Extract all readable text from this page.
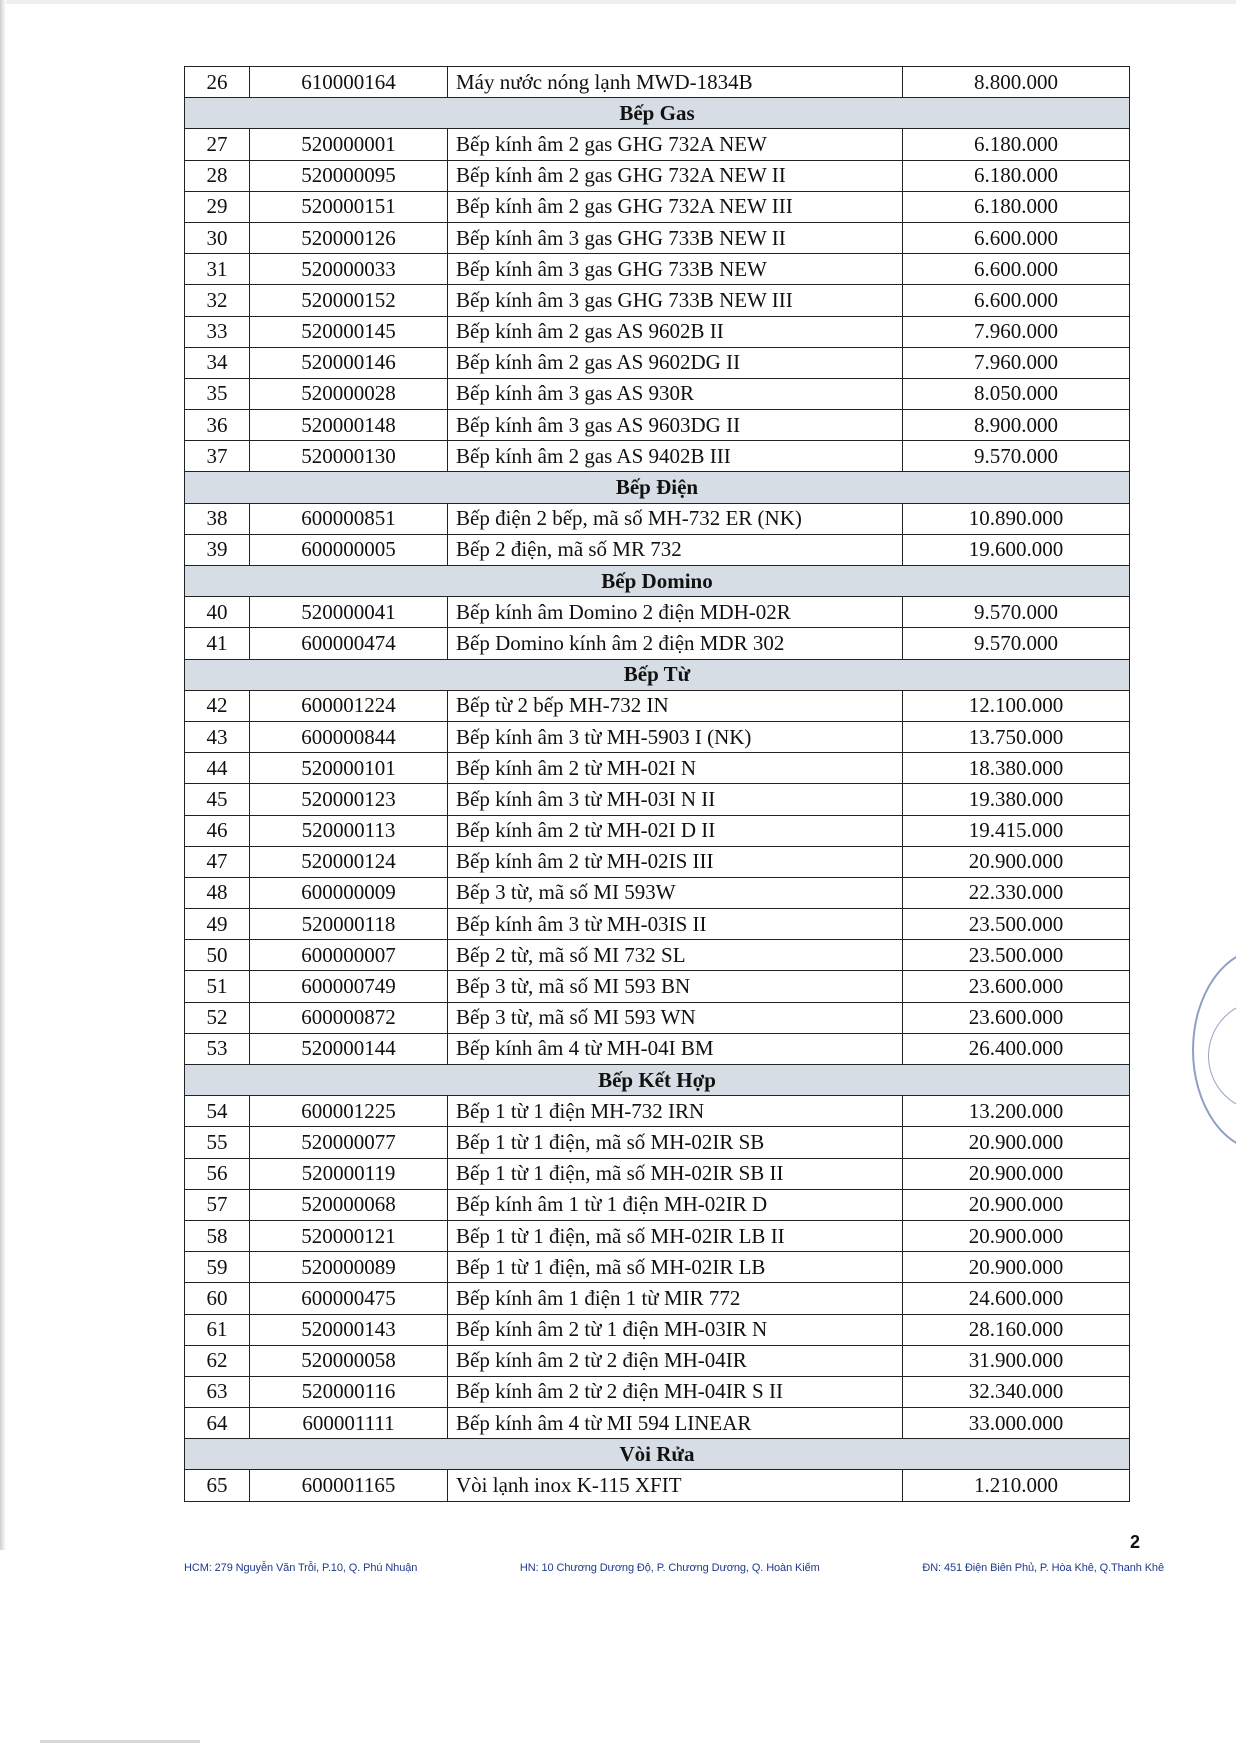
26	610000164	Máy nước nóng lạnh MWD-1834B	8.800.000
Bếp Gas			
27	520000001	Bếp kính âm 2 gas GHG 732A NEW	6.180.000
28	520000095	Bếp kính âm 2 gas GHG 732A NEW II	6.180.000
29	520000151	Bếp kính âm 2 gas GHG 732A NEW III	6.180.000
30	520000126	Bếp kính âm 3 gas GHG 733B NEW II	6.600.000
31	520000033	Bếp kính âm 3 gas GHG 733B NEW	6.600.000
32	520000152	Bếp kính âm 3 gas GHG 733B NEW III	6.600.000
33	520000145	Bếp kính âm 2 gas AS 9602B II	7.960.000
34	520000146	Bếp kính âm 2 gas AS 9602DG II	7.960.000
35	520000028	Bếp kính âm 3 gas AS 930R	8.050.000
36	520000148	Bếp kính âm 3 gas AS 9603DG II	8.900.000
37	520000130	Bếp kính âm 2 gas AS 9402B III	9.570.000
Bếp Điện			
38	600000851	Bếp điện 2 bếp, mã số MH-732 ER (NK)	10.890.000
39	600000005	Bếp 2 điện, mã số MR 732	19.600.000
Bếp Domino			
40	520000041	Bếp kính âm Domino 2 điện MDH-02R	9.570.000
41	600000474	Bếp Domino kính âm 2 điện MDR 302	9.570.000
Bếp Từ			
42	600001224	Bếp từ 2 bếp MH-732 IN	12.100.000
43	600000844	Bếp kính âm 3 từ MH-5903 I (NK)	13.750.000
44	520000101	Bếp kính âm 2 từ MH-02I N	18.380.000
45	520000123	Bếp kính âm 3 từ MH-03I N II	19.380.000
46	520000113	Bếp kính âm 2 từ MH-02I D II	19.415.000
47	520000124	Bếp kính âm 2 từ MH-02IS III	20.900.000
48	600000009	Bếp 3 từ, mã số MI 593W	22.330.000
49	520000118	Bếp kính âm 3 từ MH-03IS II	23.500.000
50	600000007	Bếp 2 từ, mã số MI 732 SL	23.500.000
51	600000749	Bếp 3 từ, mã số MI 593 BN	23.600.000
52	600000872	Bếp 3 từ, mã số MI 593 WN	23.600.000
53	520000144	Bếp kính âm 4 từ MH-04I BM	26.400.000
Bếp Kết Hợp			
54	600001225	Bếp 1 từ 1 điện MH-732 IRN	13.200.000
55	520000077	Bếp 1 từ 1 điện, mã số MH-02IR SB	20.900.000
56	520000119	Bếp 1 từ 1 điện, mã số MH-02IR SB II	20.900.000
57	520000068	Bếp kính âm 1 từ 1 điện MH-02IR D	20.900.000
58	520000121	Bếp 1 từ 1 điện, mã số MH-02IR LB II	20.900.000
59	520000089	Bếp 1 từ 1 điện, mã số MH-02IR LB	20.900.000
60	600000475	Bếp kính âm 1 điện 1 từ MIR 772	24.600.000
61	520000143	Bếp kính âm 2 từ 1 điện MH-03IR N	28.160.000
62	520000058	Bếp kính âm 2 từ 2 điện MH-04IR	31.900.000
63	520000116	Bếp kính âm 2 từ 2 điện MH-04IR S II	32.340.000
64	600001111	Bếp kính âm 4 từ MI 594 LINEAR	33.000.000
Vòi Rửa			
65	600001165	Vòi lạnh inox K-115 XFIT	1.210.000
2
HCM: 279 Nguyễn Văn Trỗi, P.10, Q. Phú Nhuận	HN: 10 Chương Dương Độ, P. Chương Dương, Q. Hoàn Kiếm	ĐN: 451 Điện Biên Phủ, P. Hòa Khê, Q.Thanh Khê
